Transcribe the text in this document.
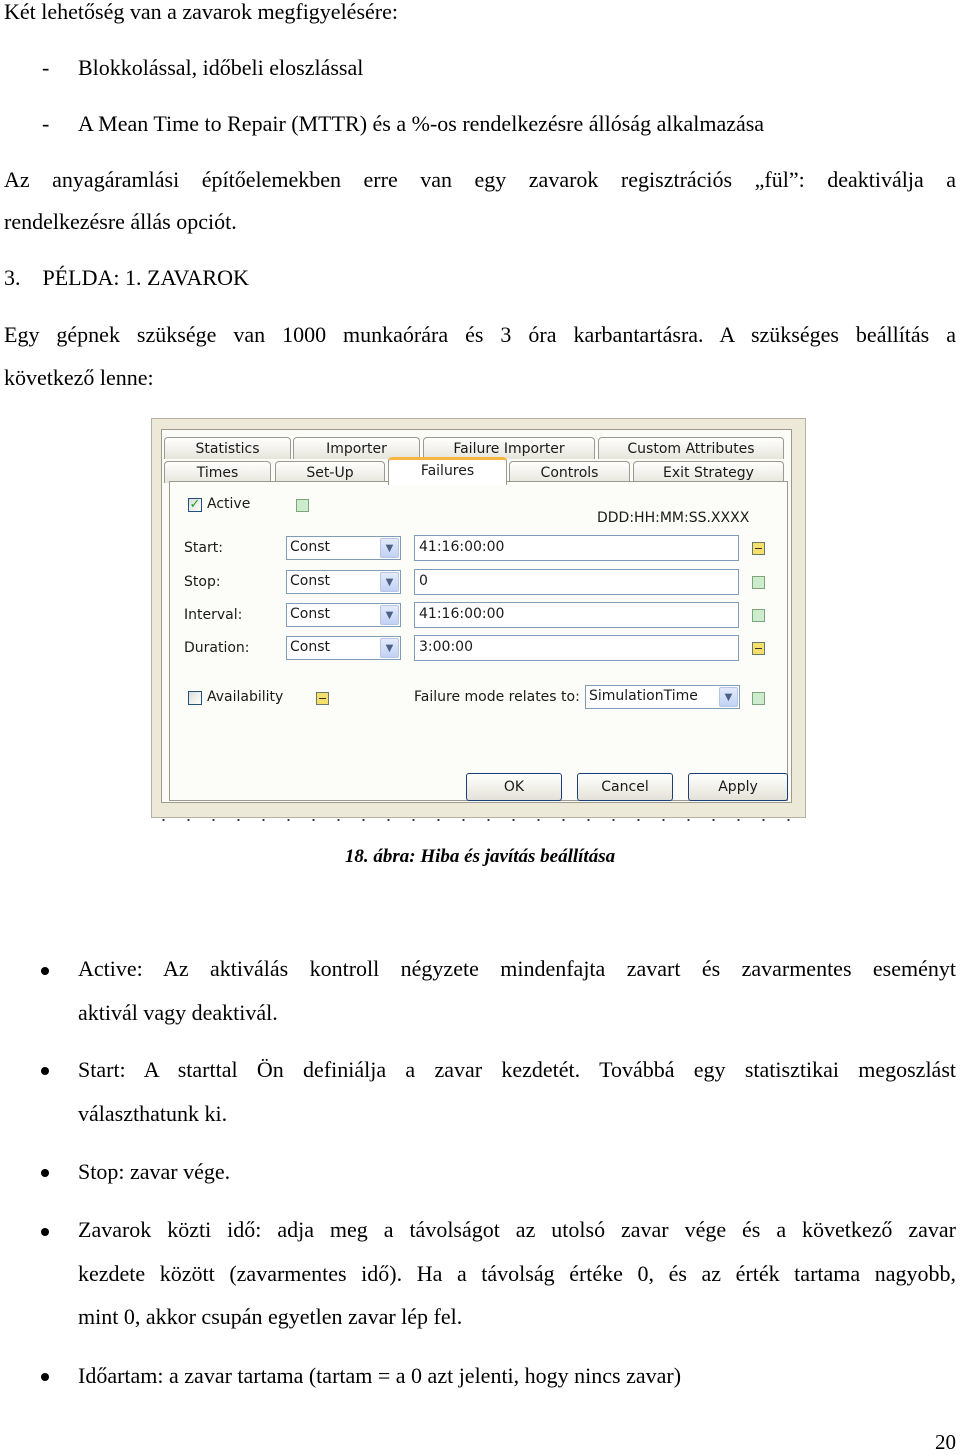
Két lehetőség van a zavarok megfigyelésére:
- Blokkolással, időbeli eloszlással
- A Mean Time to Repair (MTTR) és a %-os rendelkezésre állóság alkalmazása
Az anyagáramlási építőelemekben erre van egy zavarok regisztrációs „fül”: deaktiválja a
rendelkezésre állás opciót.
3.    PÉLDA: 1. ZAVAROK
Egy gépnek szüksége van 1000 munkaórára és 3 óra karbantartásra. A szükséges beállítás a
következő lenne:
Statistics	Importer	Failure Importer	Custom Attributes
Times	Set-Up	Controls	Exit Strategy
Failures
✓ Active
DDD:HH:MM:SS.XXXX
Start:	Const	▼	41:16:00:00
Stop:	Const	▼	0
Interval:	Const	▼	41:16:00:00
Duration:	Const	▼	3:00:00
Availability	Failure mode relates to: SimulationTime	▼
OK	Cancel	Apply
18. ábra: Hiba és javítás beállítása
Active: Az aktiválás kontroll négyzete mindenfajta zavart és zavarmentes eseményt
aktivál vagy deaktivál.
Start: A starttal Ön definiálja a zavar kezdetét. Továbbá egy statisztikai megoszlást
választhatunk ki.
Stop: zavar vége.
Zavarok közti idő: adja meg a távolságot az utolsó zavar vége és a következő zavar
kezdete között (zavarmentes idő). Ha a távolság értéke 0, és az érték tartama nagyobb,
mint 0, akkor csupán egyetlen zavar lép fel.
Időartam: a zavar tartama (tartam = a 0 azt jelenti, hogy nincs zavar)
20
